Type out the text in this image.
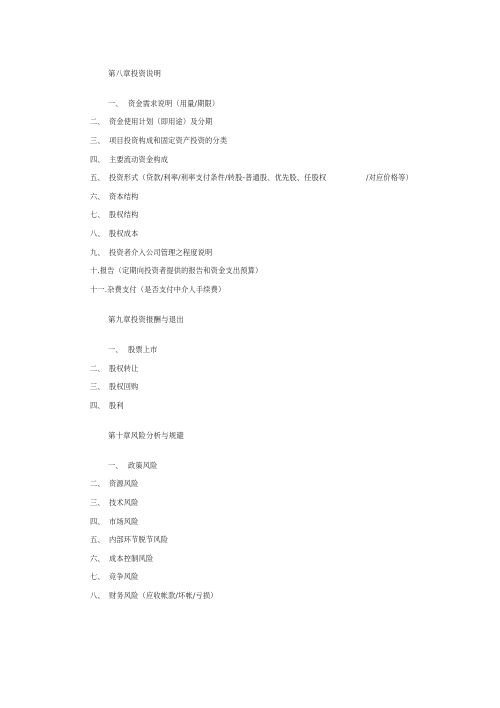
第八章投资说明
一、 资金需求说明（用量/期限）
二、 资金使用计划（即用途）及分期
三、 项目投资构成和固定资产投资的分类
四、 主要流动资金构成
五、 投资形式（贷款/利率/利率支付条件/转股-普通股、优先股、任股权	/对应价格等）
六、 资本结构
七、 股权结构
八、 股权成本
九、 投资者介入公司管理之程度说明
十.报告（定期向投资者提供的报告和资金支出预算）
十一.杂费支付（是否支付中介人手续费）
第九章投资报酬与退出
一、 股票上市
二、 股权转让
三、 股权回购
四、 股利
第十章风险分析与规避
一、 政策风险
二、 资源风险
三、 技术风险
四、 市场风险
五、 内部环节脱节风险
六、 成本控制风险
七、 竞争风险
八、 财务风险（应收帐款/坏帐/亏损）
